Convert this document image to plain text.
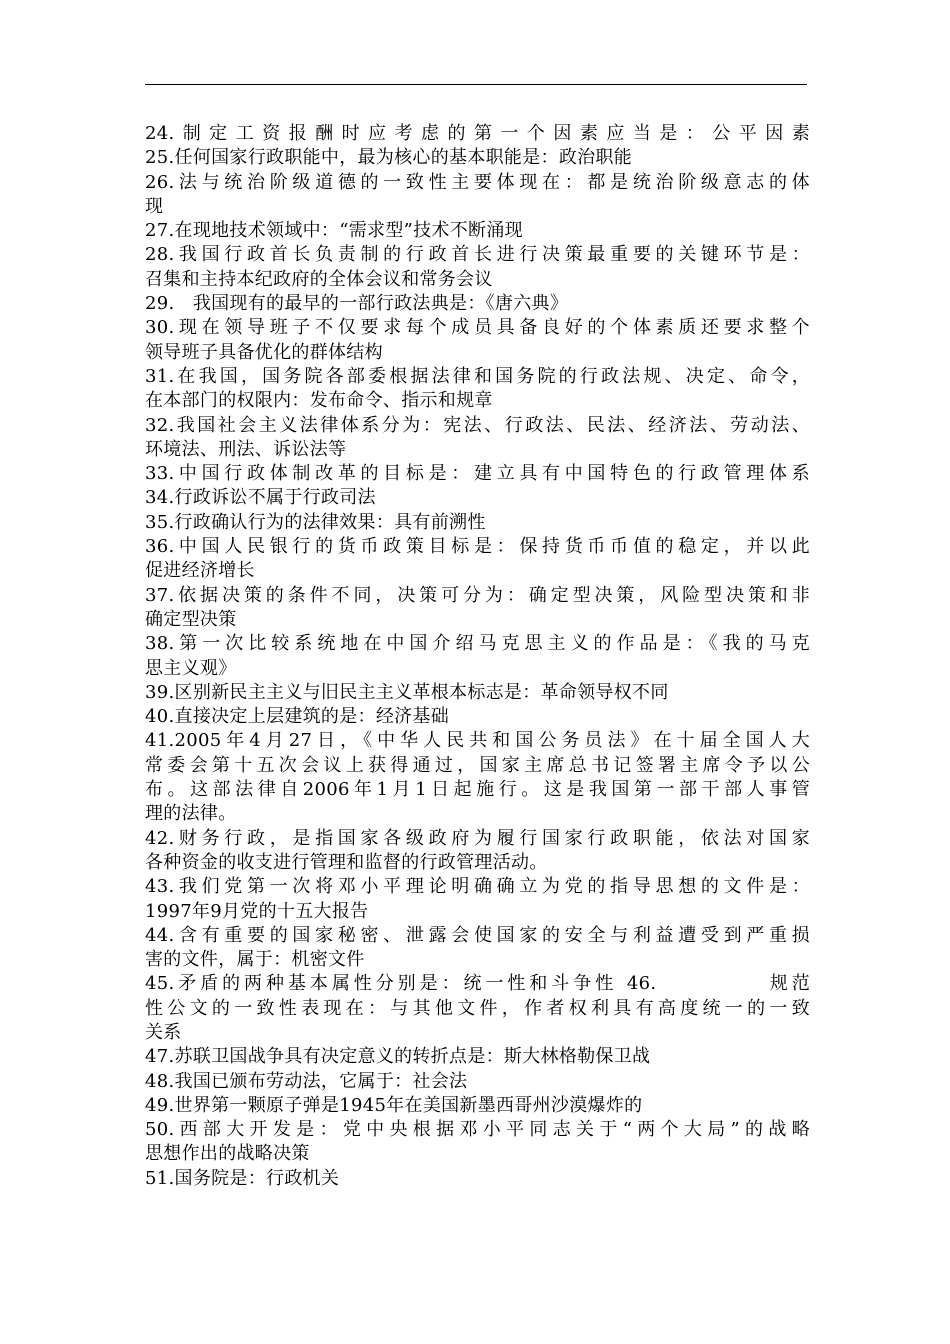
24.制定工资报酬时应考虑的第一个因素应当是：公平因素
25.任何国家行政职能中，最为核心的基本职能是：政治职能
26.法与统治阶级道德的一致性主要体现在：都是统治阶级意志的体
现
27.在现地技术领域中：“需求型”技术不断涌现
28.我国行政首长负责制的行政首长进行决策最重要的关键环节是：
召集和主持本纪政府的全体会议和常务会议
29.　我国现有的最早的一部行政法典是：《唐六典》
30.现在领导班子不仅要求每个成员具备良好的个体素质还要求整个
领导班子具备优化的群体结构
31.在我国，国务院各部委根据法律和国务院的行政法规、决定、命令，
在本部门的权限内：发布命令、指示和规章
32.我国社会主义法律体系分为：宪法、行政法、民法、经济法、劳动法、
环境法、刑法、诉讼法等
33.中国行政体制改革的目标是：建立具有中国特色的行政管理体系
34.行政诉讼不属于行政司法
35.行政确认行为的法律效果：具有前溯性
36.中国人民银行的货币政策目标是：保持货币币值的稳定，并以此
促进经济增长
37.依据决策的条件不同，决策可分为：确定型决策，风险型决策和非
确定型决策
38.第一次比较系统地在中国介绍马克思主义的作品是：《我的马克
思主义观》
39.区别新民主主义与旧民主主义革根本标志是：革命领导权不同
40.直接决定上层建筑的是：经济基础
41.2005年4月27日，《中华人民共和国公务员法》在十届全国人大
常委会第十五次会议上获得通过，国家主席总书记签署主席令予以公
布。这部法律自2006年1月1日起施行。这是我国第一部干部人事管
理的法律。
42.财务行政，是指国家各级政府为履行国家行政职能，依法对国家
各种资金的收支进行管理和监督的行政管理活动。
43.我们党第一次将邓小平理论明确确立为党的指导思想的文件是：
1997年9月党的十五大报告
44.含有重要的国家秘密、泄露会使国家的安全与利益遭受到严重损
害的文件，属于：机密文件
45.矛盾的两种基本属性分别是：统一性和斗争性 46.　　　　　规范
性公文的一致性表现在：与其他文件，作者权利具有高度统一的一致
关系
47.苏联卫国战争具有决定意义的转折点是：斯大林格勒保卫战
48.我国已颁布劳动法，它属于：社会法
49.世界第一颗原子弹是1945年在美国新墨西哥州沙漠爆炸的
50.西部大开发是：党中央根据邓小平同志关于“两个大局”的战略
思想作出的战略决策
51.国务院是：行政机关
